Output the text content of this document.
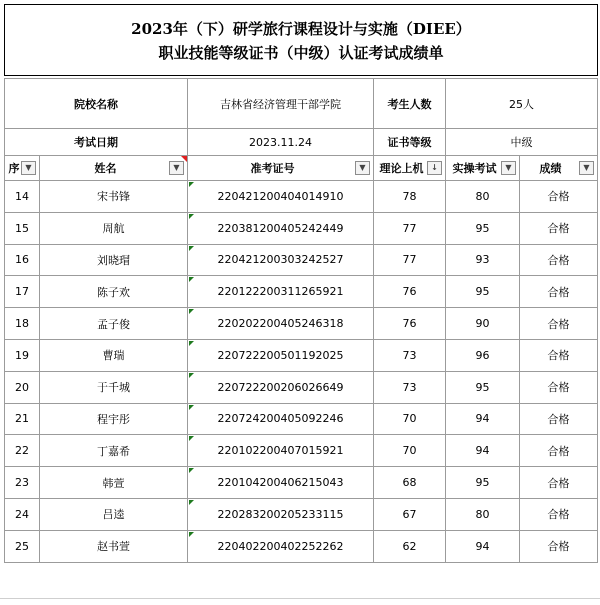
2023年（下）研学旅行课程设计与实施（DIEE）
职业技能等级证书（中级）认证考试成绩单
院校名称		吉林省经济管理干部学院	考生人数	25人	
考试日期		2023.11.24	证书等级	中级	
序 ▼	姓名 ▼	准考证号 ▼	理论上机 ↓	实操考试 ▼	成绩 ▼

14	宋书锋	220421200404014910	78	80	合格
15	周航	220381200405242449	77	95	合格
16	刘晓瑁	220421200303242527	77	93	合格
17	陈子欢	220122200311265921	76	95	合格
18	孟子俊	220202200405246318	76	90	合格
19	曹瑞	220722200501192025	73	96	合格
20	于千城	220722200206026649	73	95	合格
21	程宇彤	220724200405092246	70	94	合格
22	丁嘉希	220102200407015921	70	94	合格
23	韩萱	220104200406215043	68	95	合格
24	吕逵	220283200205233115	67	80	合格
25	赵书萱	220402200402252262	62	94	合格
